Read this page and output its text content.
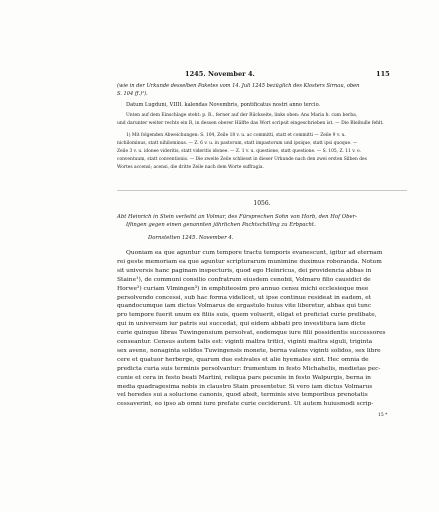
1245. November 4.	115
(wie in der Urkunde desselben Paketes vom 14. Juli 1245 bezüglich des Klosters Sirnau, oben
S. 104 ff.)¹).
Datum Lugduni, VIIII. kalendas Novembris, pontificatus nostri anno tercio.
Unten auf dem Einschlage steht: p. R., ferner auf der Rückseite, links oben: Ans Maria h. cum berba,
und darunter weiter rechts ein R, in dessen oberer Hälfte das Wort scripsit eingeschrieben ist. — Die Bleibulle fehlt.
1) Mit folgenden Abweichungen: S. 104, Zeile 18 v. u. ac committi, statt et committi — Zeile 9 v. u.
nichilominus, statt nihilominus. — Z. 6 v. u. in pastorum, statt impastorum und ipsique, statt ipsi quoque. —
Zeile 3 v. u. idonee videritis, statt videritis idonee. — Z. 1 v. u. questione, statt questione. — S. 105, Z. 11 v. o.
conventuum, statt conventionis. — Die zweite Zeile schliesst in dieser Urkunde nach den zwei ersten Silben des
Wortes accensi; acensi, die dritte Zeile nach dem Worte suffragia.
1056.
Abt Heinrich in Stein verleiht an Volmar, des Fürsprechen Sohn von Horb, den Hof Ober-
Iflingen gegen einen genannten jährlichen Pachtschilling zu Erbpacht.
Dornstetten 1245. November 4.
Quoniam ea que aguntur cum tempore tractu temporis evanescunt, igitur ad eternam
rei geste memoriam ea que aguntur scripturarum munimine duximus roboranda. Notum
sit universis hanc paginam inspecturis, quod ego Heinricus, dei providencia abbas in
Staine¹), de communi consilio confratrum eiusdem cenobii, Volmaro filio causidici de
Horwe²) curiam Vlmingen³) in emphiteosim pro annuo censu michi ecclesieque mee
persolvendo concessi, sub hac forma videlicet, ut ipse continue resideat in eadem, et
quandocumque iam dictus Volmarus de ergastulo huius vite liberetur, abbas qui tunc
pro tempore fuerit unum ex filiis suis, quem voluerit, eligat et preficiat curie prelibate,
qui in universum iur patris sui succedat, qui eidem abbati pro investitura iam dicte
curie quinque libras Tuwingensium persolvat, eodemque iure filii possidentis successores
censeantur. Census autem talis est: viginti maltra tritici, viginti maltra siguli, triginta
sex avene, nonaginta solidos Tuwingensis monete, berna valens viginti solidos, sex libre
cere et quatuor herberge, quarum due estivales et alie hyemales sint. Hec omnia de
predicta curia suis terminis persolvantur: frumentum in festo Michahelis, medietas pec-
cunie et cera in festo beati Martini, reliqua pars pecunie in festo Walpurgis, berna in
media quadragesima nobis in claustro Stain presentetur. Si vero iam dictus Volmarus
vel heredes sui a solucione canonis, quod absit, terminis sive temporibus prenotatis
cessaverint, eo ipso ab omni iure prefate curie ceciderunt. Ut autem huiusmodi scrip-
15 *
